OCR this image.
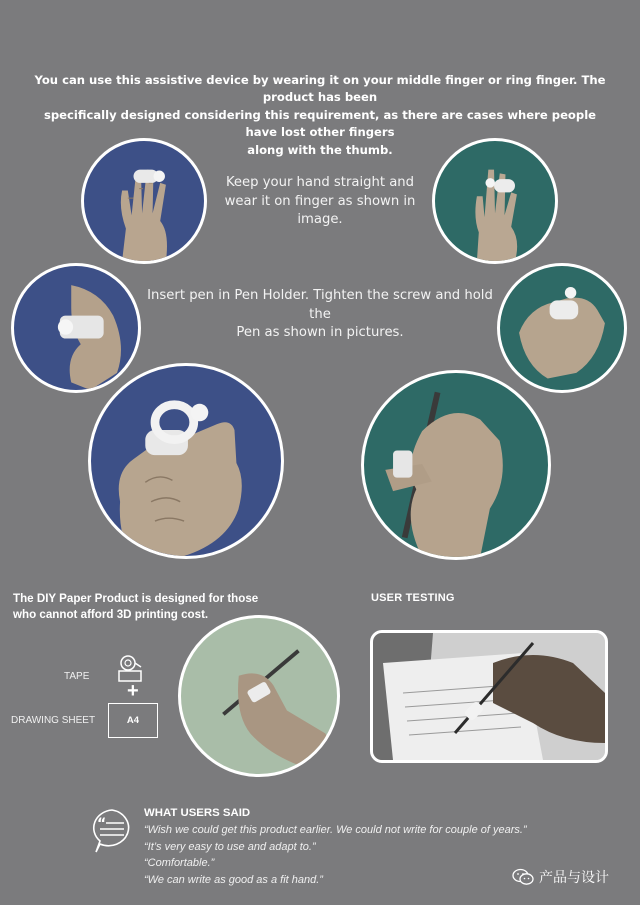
You can use this assistive device by wearing it on your middle finger or ring finger. The product has been
specifically designed considering this requirement, as there are cases where people have lost other fingers
along with the thumb.
Keep your hand straight and
wear it on finger as shown in
image.
Insert pen in Pen Holder. Tighten the screw and hold the
Pen as shown in pictures.
The DIY Paper Product is designed for those
who cannot afford 3D printing cost.
TAPE
+
DRAWING SHEET	A4
USER TESTING
“
WHAT USERS SAID
“Wish we could get this product earlier. We could not write for couple of years.”
“It’s very easy to use and adapt to.”
“Comfortable.”
“We can write as good as a fit hand.”	产品与设计
